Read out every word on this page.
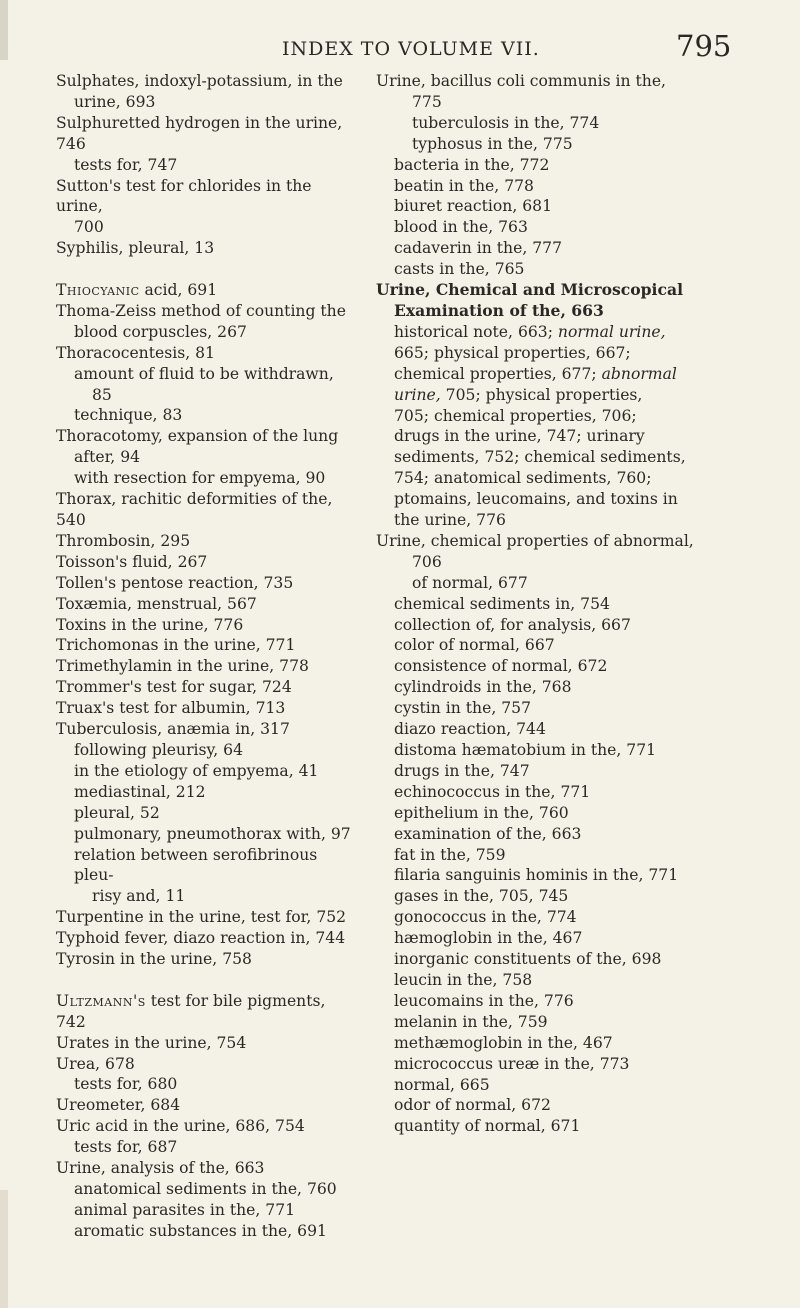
INDEX TO VOLUME VII.	795

Sulphates, indoxyl-potassium, in the

urine, 693

Sulphuretted hydrogen in the urine, 746

tests for, 747

Sutton's test for chlorides in the urine,

700

Syphilis, pleural, 13

Thiocyanic acid, 691

Thoma-Zeiss method of counting the

blood corpuscles, 267

Thoracocentesis, 81

amount of fluid to be withdrawn,

85

technique, 83

Thoracotomy, expansion of the lung

after, 94

with resection for empyema, 90

Thorax, rachitic deformities of the, 540

Thrombosin, 295

Toisson's fluid, 267

Tollen's pentose reaction, 735

Toxæmia, menstrual, 567

Toxins in the urine, 776

Trichomonas in the urine, 771

Trimethylamin in the urine, 778

Trommer's test for sugar, 724

Truax's test for albumin, 713

Tuberculosis, anæmia in, 317

following pleurisy, 64

in the etiology of empyema, 41

mediastinal, 212

pleural, 52

pulmonary, pneumothorax with, 97

relation between serofibrinous pleu-

risy and, 11

Turpentine in the urine, test for, 752

Typhoid fever, diazo reaction in, 744

Tyrosin in the urine, 758

Ultzmann's test for bile pigments, 742

Urates in the urine, 754

Urea, 678

tests for, 680

Ureometer, 684

Uric acid in the urine, 686, 754

tests for, 687

Urine, analysis of the, 663

anatomical sediments in the, 760

animal parasites in the, 771

aromatic substances in the, 691

Urine, bacillus coli communis in the,

775

tuberculosis in the, 774

typhosus in the, 775

bacteria in the, 772

beatin in the, 778

biuret reaction, 681

blood in the, 763

cadaverin in the, 777

casts in the, 765

Urine, Chemical and Microscopical

Examination of the, 663

historical note, 663; normal urine,

665; physical properties, 667;

chemical properties, 677; abnormal

urine, 705; physical properties,

705; chemical properties, 706;

drugs in the urine, 747; urinary

sediments, 752; chemical sediments,

754; anatomical sediments, 760;

ptomains, leucomains, and toxins in

the urine, 776

Urine, chemical properties of abnormal,

706

of normal, 677

chemical sediments in, 754

collection of, for analysis, 667

color of normal, 667

consistence of normal, 672

cylindroids in the, 768

cystin in the, 757

diazo reaction, 744

distoma hæmatobium in the, 771

drugs in the, 747

echinococcus in the, 771

epithelium in the, 760

examination of the, 663

fat in the, 759

filaria sanguinis hominis in the, 771

gases in the, 705, 745

gonococcus in the, 774

hæmoglobin in the, 467

inorganic constituents of the, 698

leucin in the, 758

leucomains in the, 776

melanin in the, 759

methæmoglobin in the, 467

micrococcus ureæ in the, 773

normal, 665

odor of normal, 672

quantity of normal, 671
